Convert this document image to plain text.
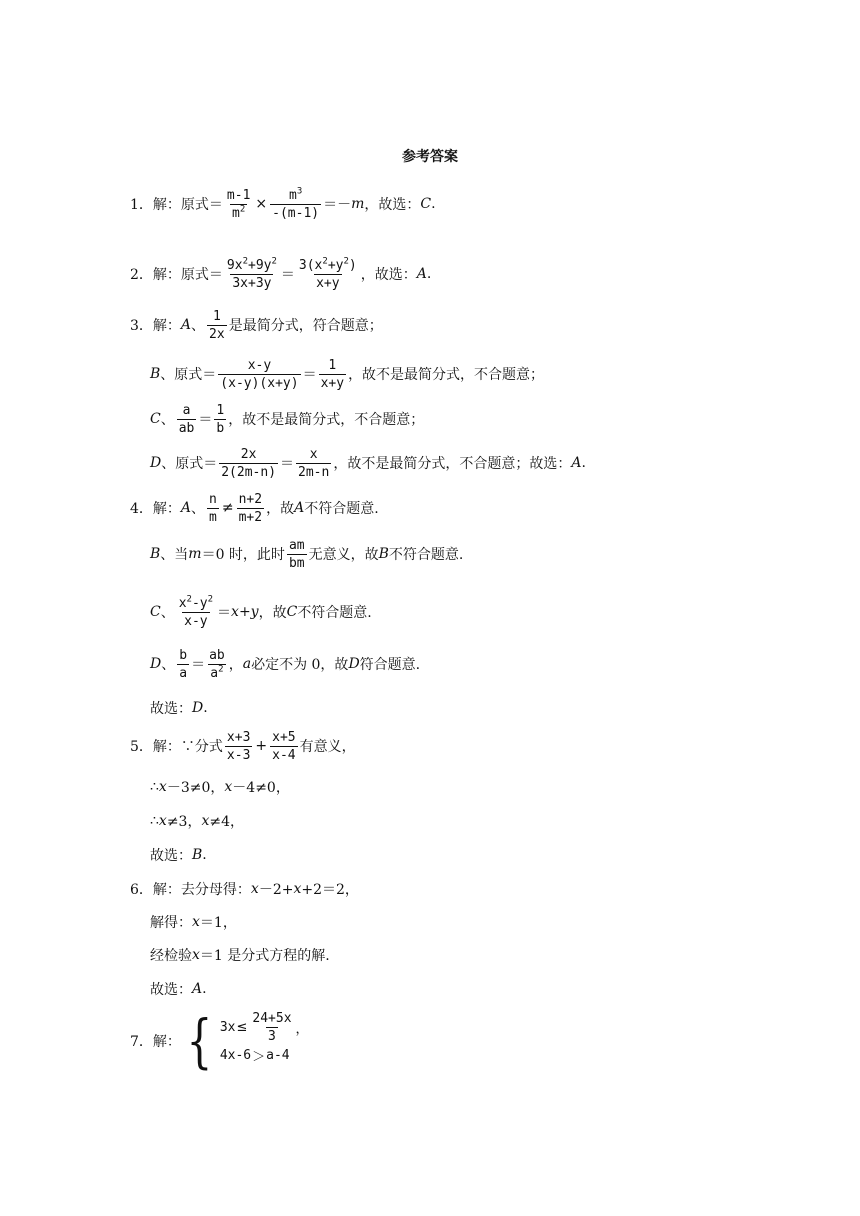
参考答案
1． 解：原式＝ $\frac{m-1}{m^2} \times \frac{m^3}{-(m-1)} =- m$ ，故选： C .
2． 解：原式＝
$9x^2+9y^2$
3x+3y ＝
$3(x^2+y^2)$
x+y ，故选： A .
3． 解： A 、
1
2x 是最简分式，符合题意；
B 、原式＝
x-y
(x-y)(x+y) ＝
1
x+y ，故不是最简分式，不合题意；
C 、
a
ab ＝
1
b ，故不是最简分式，不合题意；
D 、原式＝
2x
2(2m-n) ＝
x
2m-n ，故不是最简分式，不合题意；故选： A .
4． 解： A 、
n
m
≠
n+2
m+2 ，故 A 不符合题意.
B 、当 m ＝0 时，此时
am
bm 无意义，故 B 不符合题意.
C 、
$x^2-y^2$
x-y ＝ x+y ，故 C 不符合题意.
D 、
b
a ＝
ab
$a^2$ ， a 必定不为 0，故 D 符合题意.
故选： D .
5． 解：∵分式
x+3
x-3
+ $\frac{x+5}{x-4}$ 有意义，
∴ x －3≠0， x －4≠0，
∴ x ≠3， x ≠4，
故选： B .
6． 解：去分母得： x －2+ x +2＝2，
解得： x ＝1，
经检验 x ＝1 是分式方程的解.
故选： A .
7． 解： { $3x \le \frac{24+5x}{3}$ ，
4x-6 ＞ a-4
